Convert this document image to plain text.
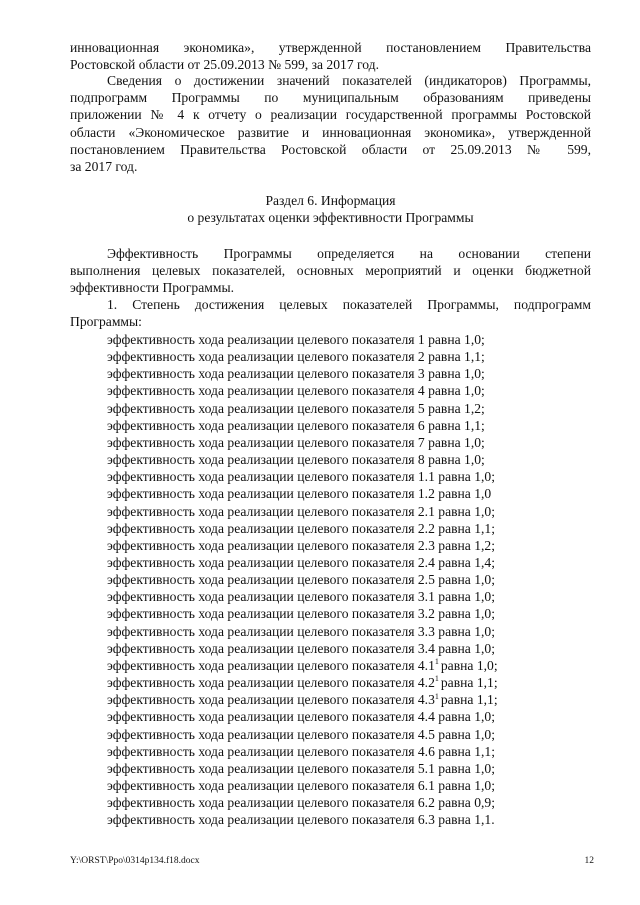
инновационная экономика», утвержденной постановлением Правительства
Ростовской области от 25.09.2013 № 599, за 2017 год.
Сведения о достижении значений показателей (индикаторов) Программы,
подпрограмм Программы по муниципальным образованиям приведены
приложении № 4 к отчету о реализации государственной программы Ростовской
области «Экономическое развитие и инновационная экономика», утвержденной
постановлением Правительства Ростовской области от 25.09.2013 № 599,
за 2017 год.
Раздел 6. Информация
о результатах оценки эффективности Программы
Эффективность Программы определяется на основании степени
выполнения целевых показателей, основных мероприятий и оценки бюджетной
эффективности Программы.
1. Степень достижения целевых показателей Программы, подпрограмм
Программы:
эффективность хода реализации целевого показателя 1 равна 1,0;
эффективность хода реализации целевого показателя 2 равна 1,1;
эффективность хода реализации целевого показателя 3 равна 1,0;
эффективность хода реализации целевого показателя 4 равна 1,0;
эффективность хода реализации целевого показателя 5 равна 1,2;
эффективность хода реализации целевого показателя 6 равна 1,1;
эффективность хода реализации целевого показателя 7 равна 1,0;
эффективность хода реализации целевого показателя 8 равна 1,0;
эффективность хода реализации целевого показателя 1.1 равна 1,0;
эффективность хода реализации целевого показателя 1.2 равна 1,0
эффективность хода реализации целевого показателя 2.1 равна 1,0;
эффективность хода реализации целевого показателя 2.2 равна 1,1;
эффективность хода реализации целевого показателя 2.3 равна 1,2;
эффективность хода реализации целевого показателя 2.4 равна 1,4;
эффективность хода реализации целевого показателя 2.5 равна 1,0;
эффективность хода реализации целевого показателя 3.1 равна 1,0;
эффективность хода реализации целевого показателя 3.2 равна 1,0;
эффективность хода реализации целевого показателя 3.3 равна 1,0;
эффективность хода реализации целевого показателя 3.4 равна 1,0;
эффективность хода реализации целевого показателя $4.1^1$ равна 1,0;
эффективность хода реализации целевого показателя $4.2^1$ равна 1,1;
эффективность хода реализации целевого показателя $4.3^1$ равна 1,1;
эффективность хода реализации целевого показателя 4.4 равна 1,0;
эффективность хода реализации целевого показателя 4.5 равна 1,0;
эффективность хода реализации целевого показателя 4.6 равна 1,1;
эффективность хода реализации целевого показателя 5.1 равна 1,0;
эффективность хода реализации целевого показателя 6.1 равна 1,0;
эффективность хода реализации целевого показателя 6.2 равна 0,9;
эффективность хода реализации целевого показателя 6.3 равна 1,1.
Y:\ORST\Ppo\0314p134.f18.docx	12
